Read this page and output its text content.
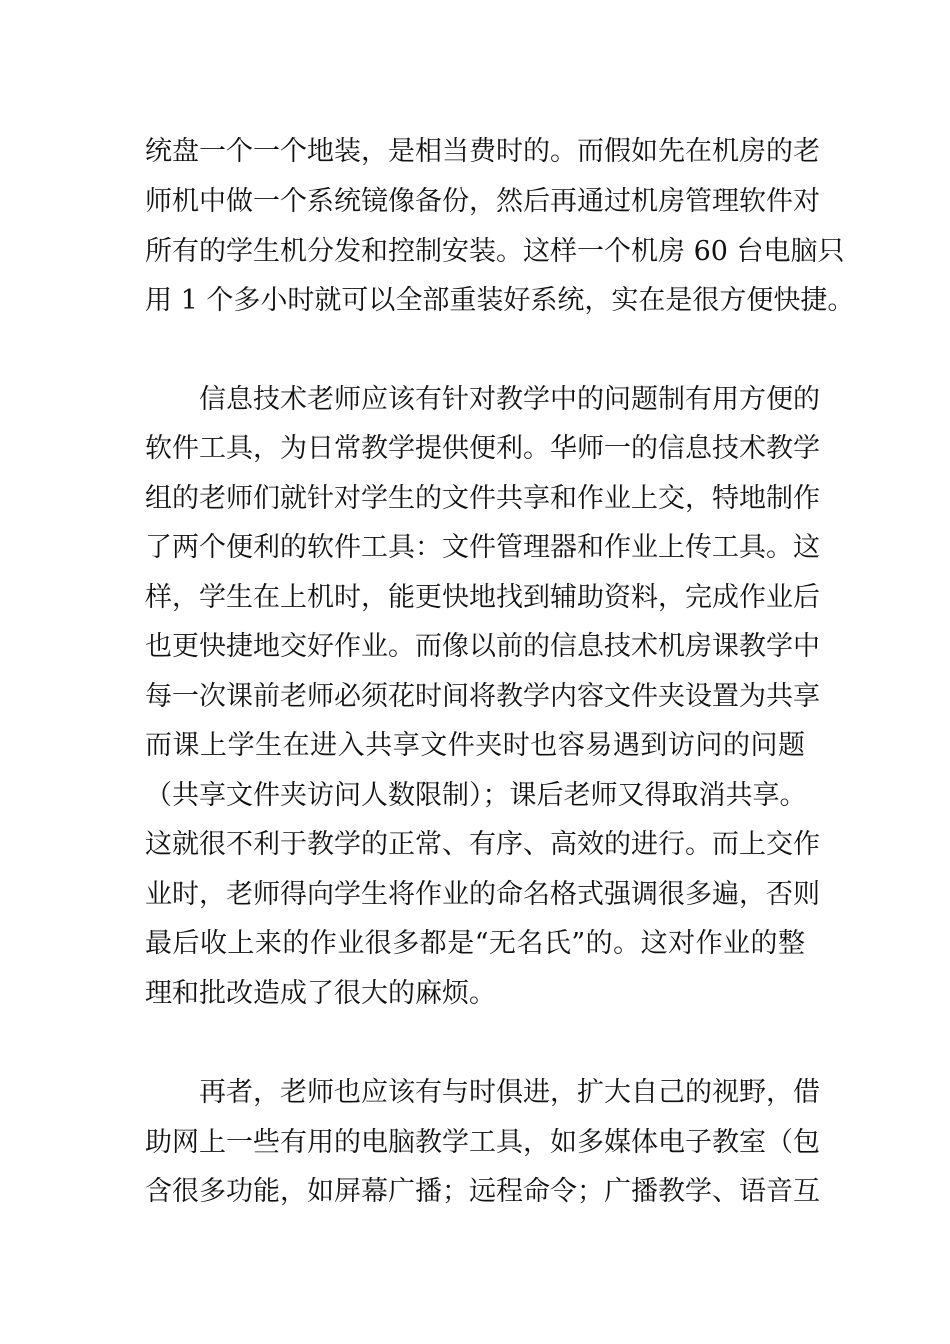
统盘一个一个地装，是相当费时的。而假如先在机房的老
师机中做一个系统镜像备份，然后再通过机房管理软件对
所有的学生机分发和控制安装。这样一个机房 60 台电脑只
用 1 个多小时就可以全部重装好系统，实在是很方便快捷。
信息技术老师应该有针对教学中的问题制有用方便的
软件工具，为日常教学提供便利。华师一的信息技术教学
组的老师们就针对学生的文件共享和作业上交，特地制作
了两个便利的软件工具：文件管理器和作业上传工具。这
样，学生在上机时，能更快地找到辅助资料，完成作业后
也更快捷地交好作业。而像以前的信息技术机房课教学中
每一次课前老师必须花时间将教学内容文件夹设置为共享
而课上学生在进入共享文件夹时也容易遇到访问的问题
（共享文件夹访问人数限制）；课后老师又得取消共享。
这就很不利于教学的正常、有序、高效的进行。而上交作
业时，老师得向学生将作业的命名格式强调很多遍，否则
最后收上来的作业很多都是“无名氏”的。这对作业的整
理和批改造成了很大的麻烦。
再者，老师也应该有与时俱进，扩大自己的视野，借
助网上一些有用的电脑教学工具，如多媒体电子教室（包
含很多功能，如屏幕广播；远程命令；广播教学、语音互
